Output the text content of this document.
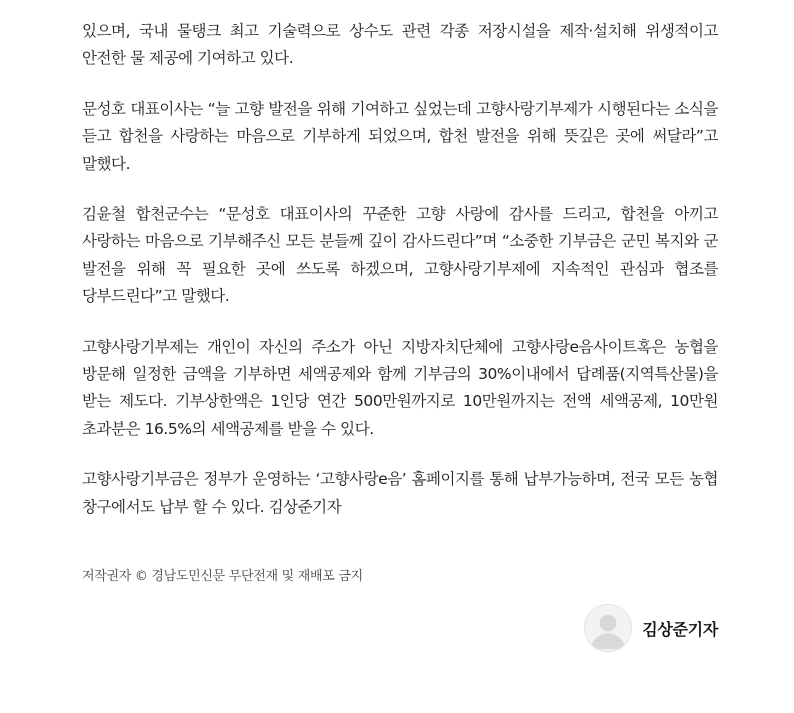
있으며, 국내 물탱크 최고 기술력으로 상수도 관련 각종 저장시설을 제작·설치해 위생적이고 안전한 물 제공에 기여하고 있다.

문성호 대표이사는 “늘 고향 발전을 위해 기여하고 싶었는데 고향사랑기부제가 시행된다는 소식을 듣고 합천을 사랑하는 마음으로 기부하게 되었으며, 합천 발전을 위해 뜻깊은 곳에 써달라”고 말했다.

김윤철 합천군수는 “문성호 대표이사의 꾸준한 고향 사랑에 감사를 드리고, 합천을 아끼고 사랑하는 마음으로 기부해주신 모든 분들께 깊이 감사드린다”며 “소중한 기부금은 군민 복지와 군 발전을 위해 꼭 필요한 곳에 쓰도록 하겠으며, 고향사랑기부제에 지속적인 관심과 협조를 당부드린다”고 말했다.

고향사랑기부제는 개인이 자신의 주소가 아닌 지방자치단체에 고향사랑e음사이트혹은 농협을 방문해 일정한 금액을 기부하면 세액공제와 함께 기부금의 30%이내에서 답례품(지역특산물)을 받는 제도다. 기부상한액은 1인당 연간 500만원까지로 10만원까지는 전액 세액공제, 10만원 초과분은 16.5%의 세액공제를 받을 수 있다.

고향사랑기부금은 정부가 운영하는 ‘고향사랑e음’ 홈페이지를 통해 납부가능하며, 전국 모든 농협 창구에서도 납부 할 수 있다. 김상준기자

저작권자 © 경남도민신문 무단전재 및 재배포 금지
김상준기자
